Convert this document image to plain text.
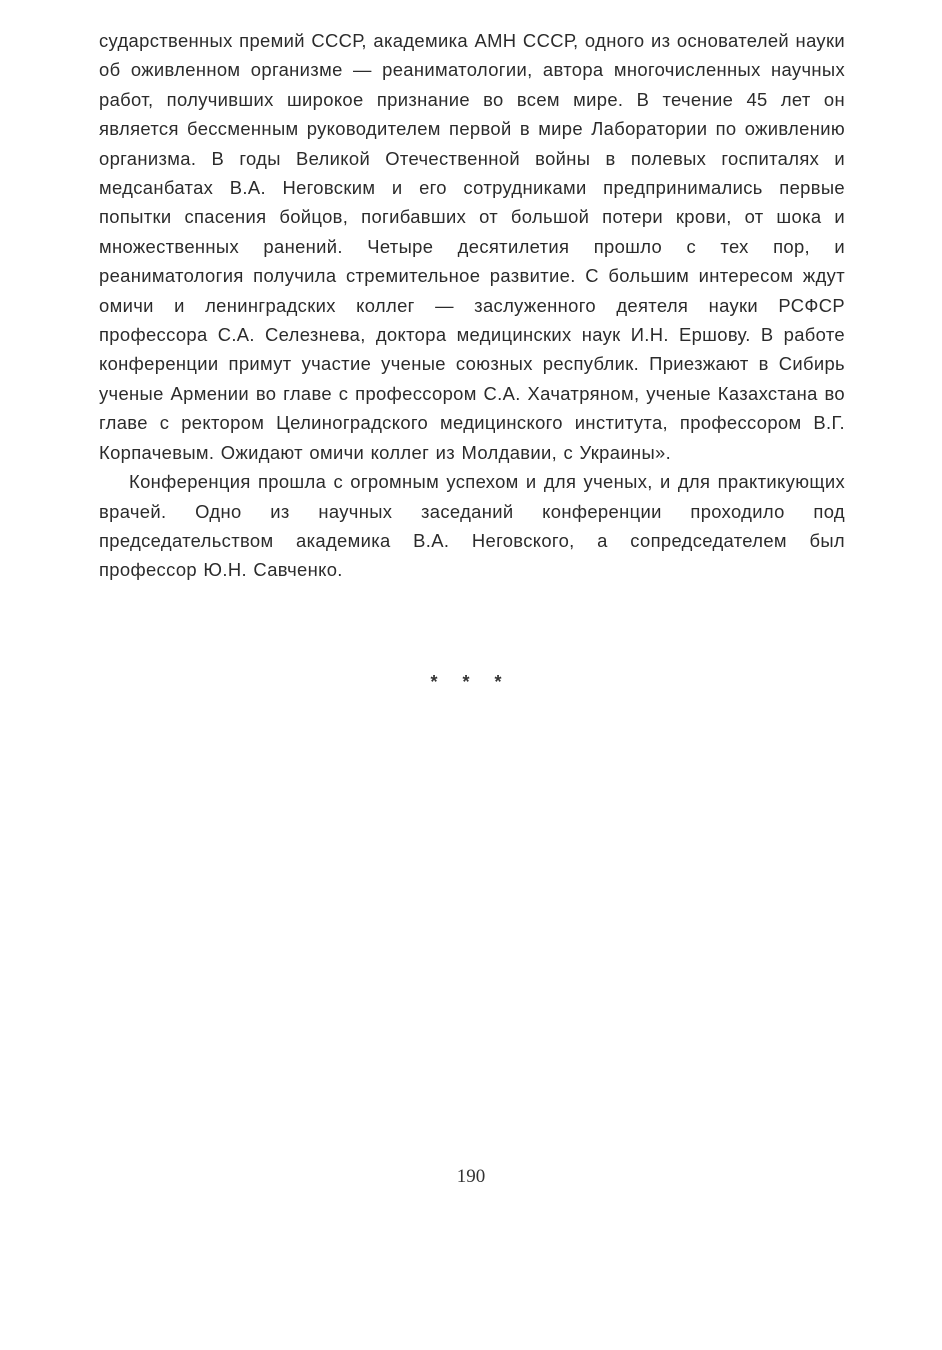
сударственных премий СССР, академика АМН СССР, одного из основателей науки об оживленном организме — реаниматологии, автора многочисленных научных работ, получивших широкое признание во всем мире. В течение 45 лет он является бессменным руководителем первой в мире Лаборатории по оживлению организма. В годы Великой Отечественной войны в полевых госпиталях и медсанбатах В.А. Неговским и его сотрудниками предпринимались первые попытки спасения бойцов, погибавших от большой потери крови, от шока и множественных ранений. Четыре десятилетия прошло с тех пор, и реаниматология получила стремительное развитие. С большим интересом ждут омичи и ленинградских коллег — заслуженного деятеля науки РСФСР профессора С.А. Селезнева, доктора медицинских наук И.Н. Ершову. В работе конференции примут участие ученые союзных республик. Приезжают в Сибирь ученые Армении во главе с профессором С.А. Хачатряном, ученые Казахстана во главе с ректором Целиноградского медицинского института, профессором В.Г. Корпачевым. Ожидают омичи коллег из Молдавии, с Украины».

Конференция прошла с огромным успехом и для ученых, и для практикующих врачей. Одно из научных заседаний конференции проходило под председательством академика В.А. Неговского, а сопредседателем был профессор Ю.Н. Савченко.

* * *
190
